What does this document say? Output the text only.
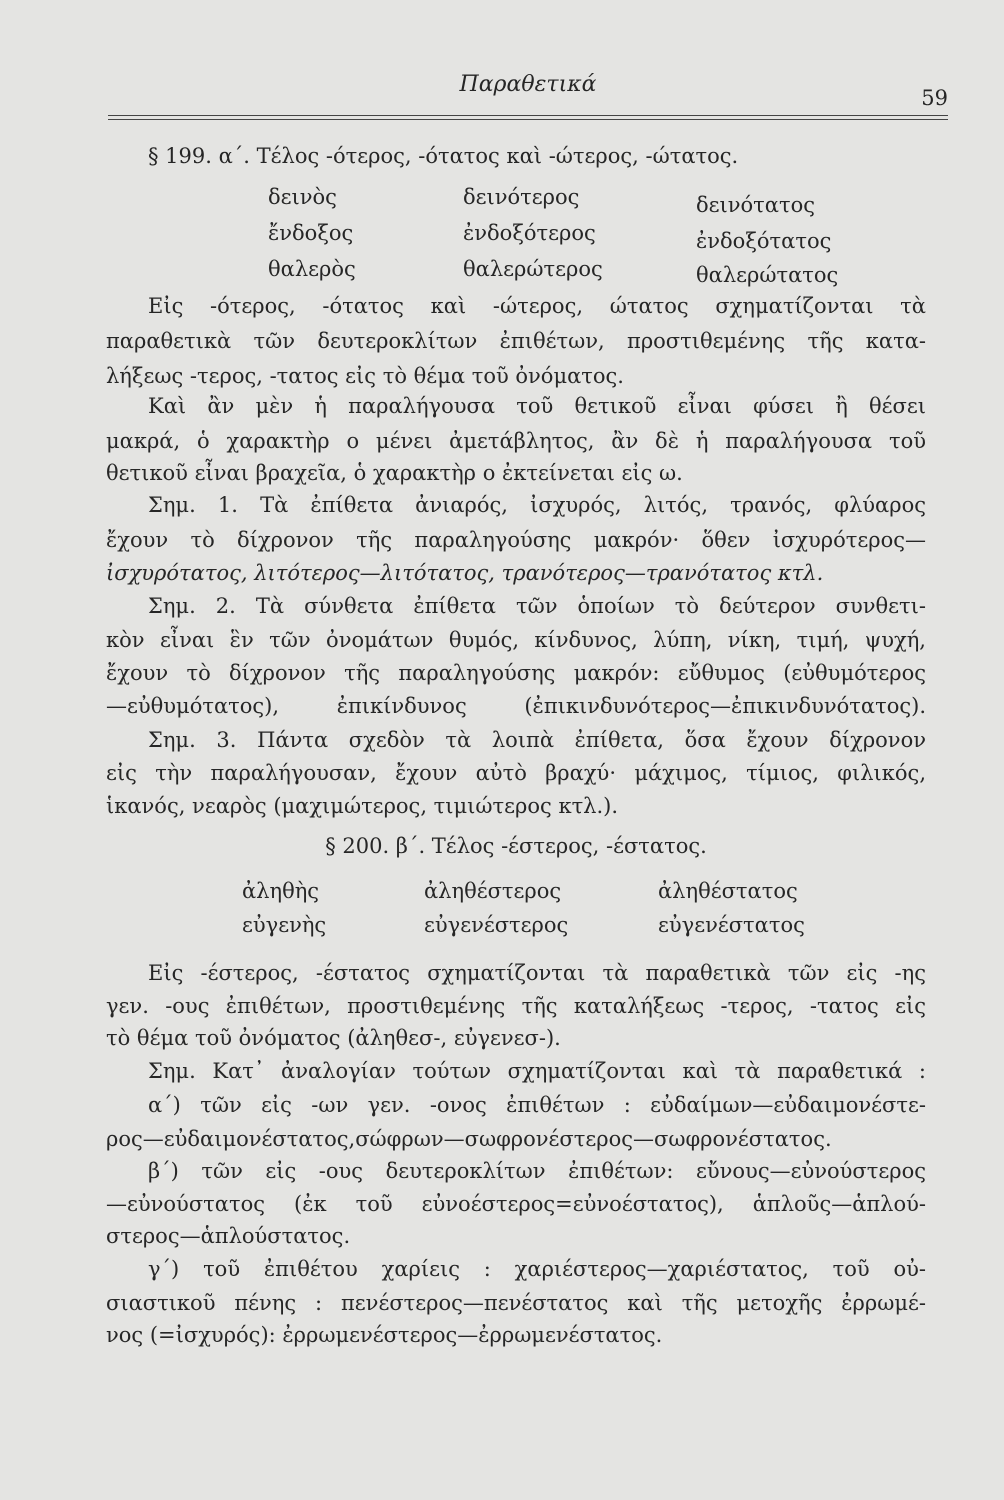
Παραθετικά
59
§ 199. α΄. Τέλος -ότερος, -ότατος καὶ -ώτερος, -ώτατος.
δεινὸς	δεινότερος	δεινότατος
ἔνδοξος	ἐνδοξότερος	ἐνδοξότατος
θαλερὸς	θαλερώτερος	θαλερώτατος
Εἰς -ότερος, -ότατος καὶ -ώτερος, ώτατος σχηματίζονται τὰ
παραθετικὰ τῶν δευτεροκλίτων ἐπιθέτων, προστιθεμένης τῆς κατα-
λήξεως -τερος, -τατος εἰς τὸ θέμα τοῦ ὀνόματος.
Καὶ ἂν μὲν ἡ παραλήγουσα τοῦ θετικοῦ εἶναι φύσει ἢ θέσει
μακρά, ὁ χαρακτὴρ ο μένει ἀμετάβλητος, ἂν δὲ ἡ παραλήγουσα τοῦ
θετικοῦ εἶναι βραχεῖα, ὁ χαρακτὴρ ο ἐκτείνεται εἰς ω.
Σημ. 1. Τὰ ἐπίθετα ἀνιαρός, ἰσχυρός, λιτός, τρανός, φλύαρος
ἔχουν τὸ δίχρονον τῆς παραληγούσης μακρόν· ὅθεν ἰσχυρότερος—
ἰσχυρότατος, λιτότερος—λιτότατος, τρανότερος—τρανότατος κτλ.
Σημ. 2. Τὰ σύνθετα ἐπίθετα τῶν ὁποίων τὸ δεύτερον συνθετι-
κὸν εἶναι ἓν τῶν ὀνομάτων θυμός, κίνδυνος, λύπη, νίκη, τιμή, ψυχή,
ἔχουν τὸ δίχρονον τῆς παραληγούσης μακρόν: εὔθυμος (εὐθυμότερος
—εὐθυμότατος), ἐπικίνδυνος (ἐπικινδυνότερος—ἐπικινδυνότατος).
Σημ. 3. Πάντα σχεδὸν τὰ λοιπὰ ἐπίθετα, ὅσα ἔχουν δίχρονον
εἰς τὴν παραλήγουσαν, ἔχουν αὐτὸ βραχύ· μάχιμος, τίμιος, φιλικός,
ἱκανός, νεαρὸς (μαχιμώτερος, τιμιώτερος κτλ.).
§ 200. β΄. Τέλος -έστερος, -έστατος.
ἀληθὴς	ἀληθέστερος	ἀληθέστατος
εὐγενὴς	εὐγενέστερος	εὐγενέστατος
Εἰς -έστερος, -έστατος σχηματίζονται τὰ παραθετικὰ τῶν εἰς -ης
γεν. -ους ἐπιθέτων, προστιθεμένης τῆς καταλήξεως -τερος, -τατος εἰς
τὸ θέμα τοῦ ὀνόματος (ἀληθεσ-, εὐγενεσ-).
Σημ. Κατ᾿ ἀναλογίαν τούτων σχηματίζονται καὶ τὰ παραθετικά :
α΄) τῶν εἰς -ων γεν. -ονος ἐπιθέτων : εὐδαίμων—εὐδαιμονέστε-
ρος—εὐδαιμονέστατος,σώφρων—σωφρονέστερος—σωφρονέστατος.
β΄) τῶν εἰς -ους δευτεροκλίτων ἐπιθέτων: εὔνους—εὐνούστερος
—εὐνούστατος (ἐκ τοῦ εὐνοέστερος=εὐνοέστατος), ἁπλοῦς—ἁπλού-
στερος—ἁπλούστατος.
γ΄) τοῦ ἐπιθέτου χαρίεις : χαριέστερος—χαριέστατος, τοῦ οὐ-
σιαστικοῦ πένης : πενέστερος—πενέστατος καὶ τῆς μετοχῆς ἐρρωμέ-
νος (=ἰσχυρός): ἐρρωμενέστερος—ἐρρωμενέστατος.
